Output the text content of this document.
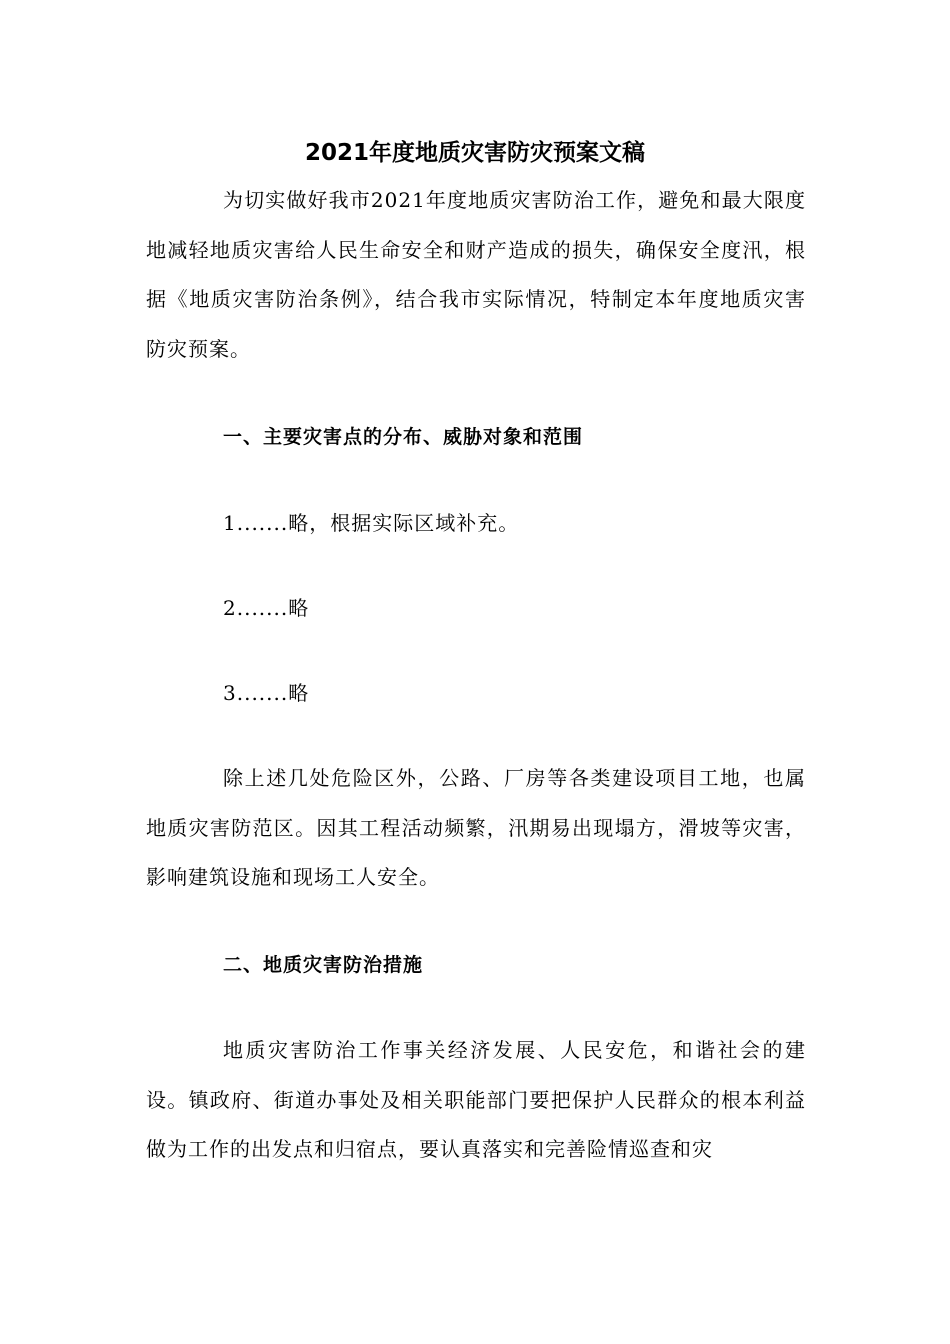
2021年度地质灾害防灾预案文稿

为切实做好我市2021年度地质灾害防治工作，避免和最大限度地减轻地质灾害给人民生命安全和财产造成的损失，确保安全度汛，根据《地质灾害防治条例》，结合我市实际情况，特制定本年度地质灾害防灾预案。

一、主要灾害点的分布、威胁对象和范围

1.......略，根据实际区域补充。

2.......略

3.......略

除上述几处危险区外，公路、厂房等各类建设项目工地，也属地质灾害防范区。因其工程活动频繁，汛期易出现塌方，滑坡等灾害，影响建筑设施和现场工人安全。

二、地质灾害防治措施

地质灾害防治工作事关经济发展、人民安危，和谐社会的建设。镇政府、街道办事处及相关职能部门要把保护人民群众的根本利益做为工作的出发点和归宿点，要认真落实和完善险情巡查和灾
